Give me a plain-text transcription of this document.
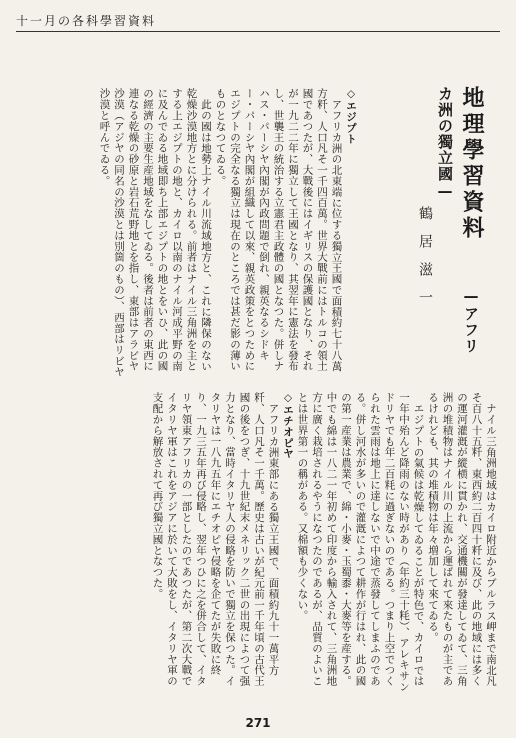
十一月の各科學習資料
地理學習資料 —アフリカ洲の獨立國— 鶴居滋一
◇エジプト

アフリカ洲の北東端に位する獨立王國で面積約七十八萬方粁、人口凡そ一千四百萬。世界大戰前にはトルコの領土國であつたが、大戰後にはイギリスの保護國となり、それが一九二二年に獨立して王國となり、其翌年に憲法を發布し、世襲王の統治する立憲君主政體の國となつた。併しナハス・パーシヤ內閣が內政問題で倒れ、親英なるシドキー・パーシヤ內閣が組織して以來、親英政策をとつためにエジプトの完全なる獨立は現在のところでは甚だ影の薄いものとなつてゐる。

此の國は地勢上ナイル川流域地方と、これに隣保のない乾燥沙漠地方とに分けられる。前者はナイル三角洲を主とする上エジプトの地と、カイロ以南のナイル河成平野の南に及んでゐる地域即ち上部エジプトの地とをいひ、此の國の經濟の主要生産地域をなしてゐる。後者は前者の東西に連なる乾燥の砂原と岩石荒野地とを指し、東部はアラビヤ沙漠（アジヤの同名の沙漠とは別箇のもの）、西部はリビヤ沙漠と呼んでゐる。

ナイル三角洲地域はカイロ附近からブルラス岬まで南北凡そ百八十五粁、東西約二百四十粁に及び、此の地域には多くの運河灌漑が縱横に貫かれ、交通機關が發達してゐて、三角洲の堆積物はナイル川の上流から運ばれて來たものが主であるけれども、其の堆積物は年々増加して來てゐる。

エジプトの氣候は乾燥してゐることが特色で、カイロでは一年中殆んど降雨のない時があり（年約三十粍）、アレキサンドリヤでも年二百粍に過ぎないのである。つまり上空でつくられた雲雨は地上に達しないで中途で蒸發してしまふのである。併し河水が多いので灌漑によつて耕作が行はれ、此の國の第一産業は農業で、綿・小麥・玉蜀黍・大麥等を産する。中でも綿は一八二一年初めて印度から輸入されて、三角洲地方に廣く栽培されるやうになつたのであるが、品質のよいことは世界第一の稱がある。又棉額も少くない。

◇エチオピヤ

アフリカ洲東部にある獨立王國で、面積約九十一萬平方粁、人口凡そ一千萬。歷史は古いが紀元前一千年頃の古代王國の後をつぎ、十九世紀末メネリック二世の出現によつて强力となり、當時イタリヤ人の侵略を防いで獨立を保つた。イタリヤは一八九五年にエチオピヤ侵略を企てたが失敗に終り、一九三五年再び侵略し、翌年つひに之を併合して、イタリヤ領東アフリカの一部としたのであつたが、第二次大戰でイタリヤ軍はこれをアジアに於いて大敗をし、イタリヤ軍の支配から解放されて再び獨立國となつた。

271
